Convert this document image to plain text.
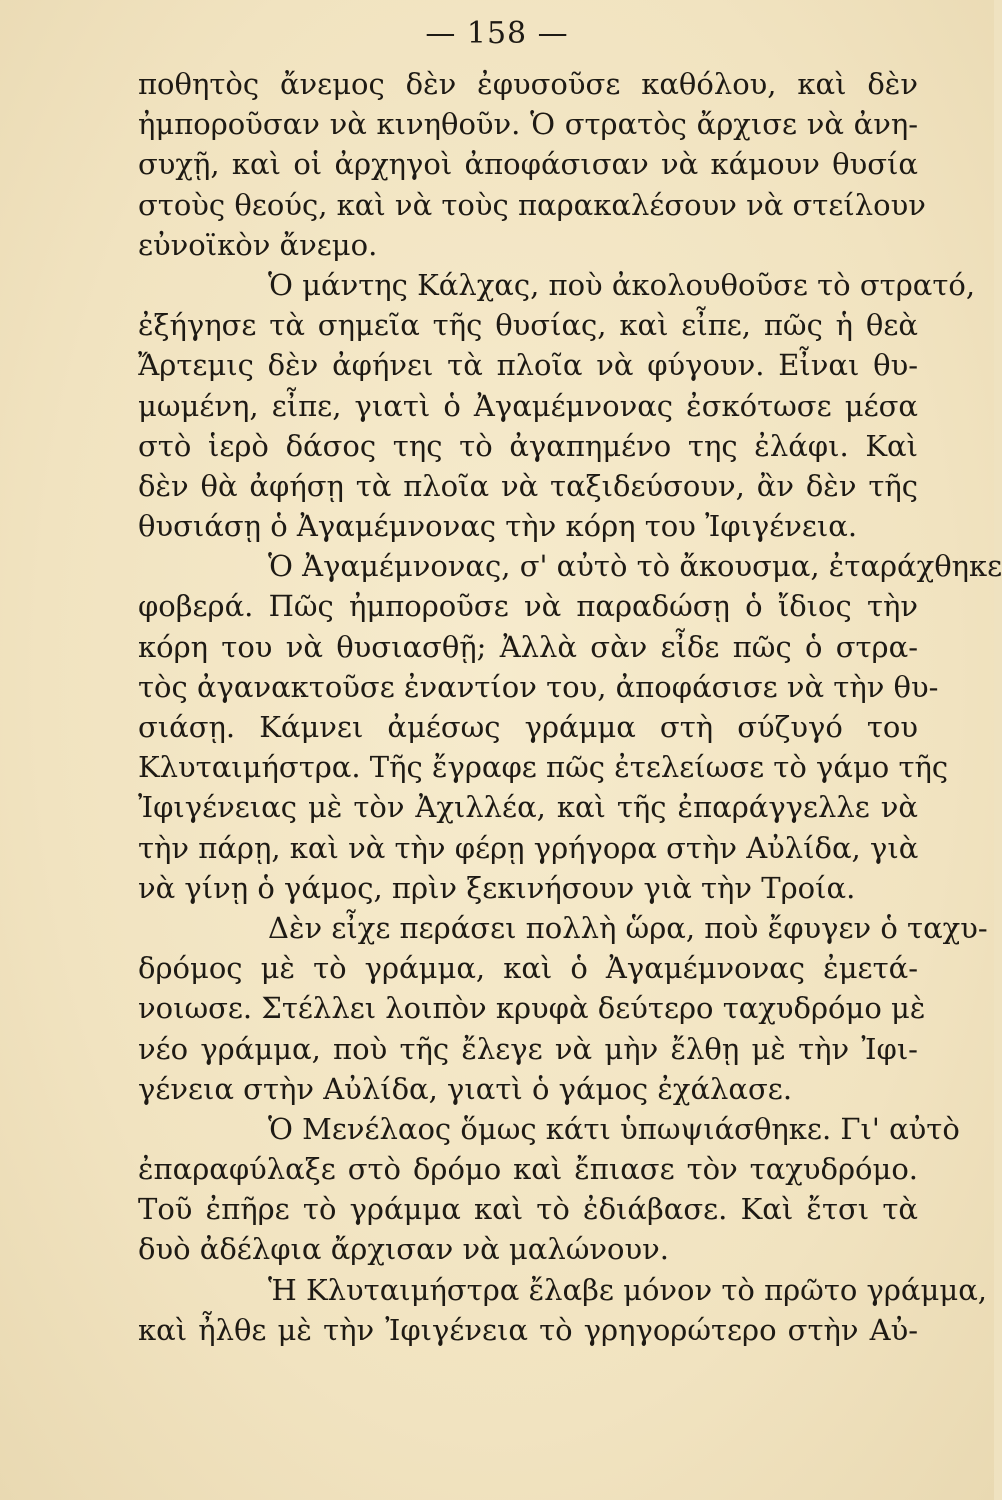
— 158 —
ποθητὸς ἄνεμος δὲν ἐφυσοῦσε καθόλου, καὶ δὲν
ἠμποροῦσαν νὰ κινηθοῦν. Ὁ στρατὸς ἄρχισε νὰ ἀνη-
συχῇ, καὶ οἱ ἀρχηγοὶ ἀποφάσισαν νὰ κάμουν θυσία
στοὺς θεούς, καὶ νὰ τοὺς παρακαλέσουν νὰ στείλουν
εὐνοϊκὸν ἄνεμο.
Ὁ μάντης Κάλχας, ποὺ ἀκολουθοῦσε τὸ στρατό,
ἐξήγησε τὰ σημεῖα τῆς θυσίας, καὶ εἶπε, πῶς ἡ θεὰ
Ἄρτεμις δὲν ἀφήνει τὰ πλοῖα νὰ φύγουν. Εἶναι θυ-
μωμένη, εἶπε, γιατὶ ὁ Ἀγαμέμνονας ἐσκότωσε μέσα
στὸ ἱερὸ δάσος της τὸ ἀγαπημένο της ἐλάφι. Καὶ
δὲν θὰ ἀφήσῃ τὰ πλοῖα νὰ ταξιδεύσουν, ἂν δὲν τῆς
θυσιάσῃ ὁ Ἀγαμέμνονας τὴν κόρη του Ἰφιγένεια.
Ὁ Ἀγαμέμνονας, σ' αὐτὸ τὸ ἄκουσμα, ἐταράχθηκε
φοβερά. Πῶς ἠμποροῦσε νὰ παραδώσῃ ὁ ἴδιος τὴν
κόρη του νὰ θυσιασθῇ; Ἀλλὰ σὰν εἶδε πῶς ὁ στρα-
τὸς ἀγανακτοῦσε ἐναντίον του, ἀποφάσισε νὰ τὴν θυ-
σιάσῃ. Κάμνει ἀμέσως γράμμα στὴ σύζυγό του
Κλυταιμήστρα. Τῆς ἔγραφε πῶς ἐτελείωσε τὸ γάμο τῆς
Ἰφιγένειας μὲ τὸν Ἀχιλλέα, καὶ τῆς ἐπαράγγελλε νὰ
τὴν πάρῃ, καὶ νὰ τὴν φέρῃ γρήγορα στὴν Αὐλίδα, γιὰ
νὰ γίνῃ ὁ γάμος, πρὶν ξεκινήσουν γιὰ τὴν Τροία.
Δὲν εἶχε περάσει πολλὴ ὥρα, ποὺ ἔφυγεν ὁ ταχυ-
δρόμος μὲ τὸ γράμμα, καὶ ὁ Ἀγαμέμνονας ἐμετά-
νοιωσε. Στέλλει λοιπὸν κρυφὰ δεύτερο ταχυδρόμο μὲ
νέο γράμμα, ποὺ τῆς ἔλεγε νὰ μὴν ἔλθῃ μὲ τὴν Ἰφι-
γένεια στὴν Αὐλίδα, γιατὶ ὁ γάμος ἐχάλασε.
Ὁ Μενέλαος ὅμως κάτι ὑπωψιάσθηκε. Γι' αὐτὸ
ἐπαραφύλαξε στὸ δρόμο καὶ ἔπιασε τὸν ταχυδρόμο.
Τοῦ ἐπῆρε τὸ γράμμα καὶ τὸ ἐδιάβασε. Καὶ ἔτσι τὰ
δυὸ ἀδέλφια ἄρχισαν νὰ μαλώνουν.
Ἡ Κλυταιμήστρα ἔλαβε μόνον τὸ πρῶτο γράμμα,
καὶ ἦλθε μὲ τὴν Ἰφιγένεια τὸ γρηγορώτερο στὴν Αὐ-
